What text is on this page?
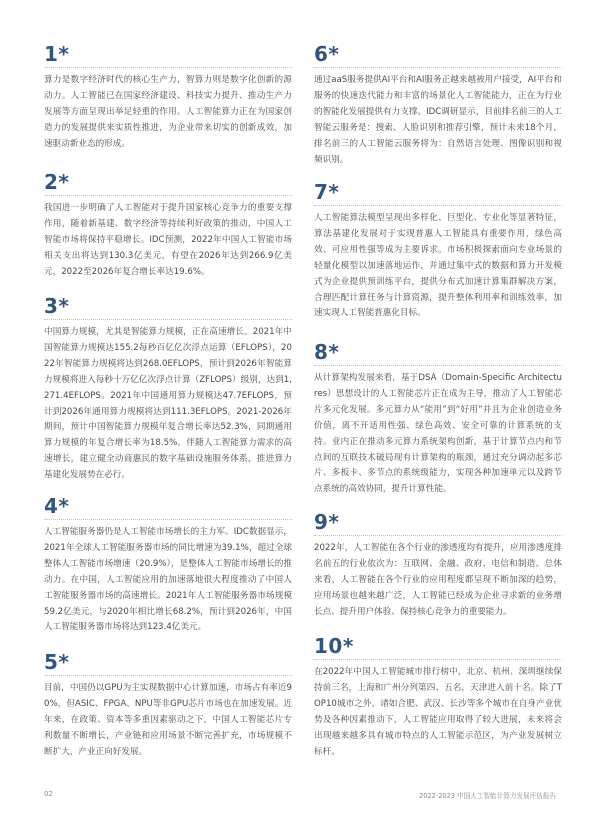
1*
算力是数字经济时代的核心生产力，智算力则是数字化创新的源动力。人工智能已在国家经济建设、科技实力提升、推动生产力发展等方面呈现出举足轻重的作用。人工智能算力正在为国家创造力的发展提供来实质性推进，为企业带来切实的创新成效，加速驱动新业态的形成。
2*
我国进一步明确了人工智能对于提升国家核心竞争力的重要支撑作用，随着新基建、数字经济等持续利好政策的推动，中国人工智能市场将保持平稳增长。IDC预测，2022年中国人工智能市场相关支出将达到130.3亿美元，有望在2026年达到266.9亿美元，2022至2026年复合增长率达19.6%。
3*
中国算力规模，尤其是智能算力规模，正在高速增长。2021年中国智能算力规模达155.2每秒百亿亿次浮点运算（EFLOPS），2022年智能算力规模将达到268.0EFLOPS，预计到2026年智能算力规模将进入每秒十万亿亿次浮点计算（ZFLOPS）级别，达到1,271.4EFLOPS。2021年中国通用算力规模达47.7EFLOPS，预计到2026年通用算力规模将达到111.3EFLOPS。2021-2026年期间，预计中国智能算力规模年复合增长率达52.3%，同期通用算力规模的年复合增长率为18.5%。伴随人工智能算力需求的高速增长，建立健全动商惠民的数字基础设施服务体系，推进算力基建化发展势在必行。
4*
人工智能服务器仍是人工智能市场增长的主力军。IDC数据显示，2021年全球人工智能服务器市场的同比增速为39.1%，超过全球整体人工智能市场增速（20.9%），是整体人工智能市场增长的推动力。在中国，人工智能应用的加速落地很大程度推动了中国人工智能服务器市场的高速增长。2021年人工智能服务器市场规模59.2亿美元，与2020年相比增长68.2%，预计到2026年，中国人工智能服务器市场将达到123.4亿美元。
5*
目前，中国仍以GPU为主实现数据中心计算加速，市场占有率近90%，但ASIC、FPGA、NPU等非GPU芯片市场也在加速发展。近年来，在政策、资本等多重因素驱动之下，中国人工智能芯片专利数量不断增长，产业链和应用场景不断完善扩充，市场规模不断扩大，产业正向好发展。
6*
通过aaS服务提供AI平台和AI服务正越来越被用户接受，AI平台和服务的快速迭代能力和丰富的场景化人工智能能力，正在为行业的智能化发展提供有力支撑。IDC调研显示，目前排名前三的人工智能云服务是：搜索、人脸识别和推荐引擎，预计未来18个月，排名前三的人工智能云服务将为：自然语言处理、图像识别和视频识别。
7*
人工智能算法模型呈现出多样化、巨型化、专业化等显著特征，算法基建化发展对于实现普惠人工智能具有重要作用，绿色高效、可应用性强等成为主要诉求。市场积极探索面向专业场景的轻量化模型以加速落地运作，并通过集中式的数据和算力开发模式为企业提供预训练平台，提供分布式加速计算集群解决方案，合理匹配计算任务与计算资源，提升整体利用率和训练效率，加速实现人工智能普惠化目标。
8*
从计算架构发展来看，基于DSA（Domain-Specific Architectures）思想设计的人工智能芯片正在成为主导，推动了人工智能芯片多元化发展。多元算力从“能用”到“好用”并且为企业创造业务价值，离不开适用性强、绿色高效、安全可靠的计算系统的支持。业内正在推动多元算力系统架构创新，基于计算节点内和节点间的互联技术破局现有计算架构的瓶颈，通过充分调动起多芯片、多板卡、多节点的系统级能力，实现各种加速单元以及跨节点系统的高效协同，提升计算性能。
9*
2022年，人工智能在各个行业的渗透度均有提升，应用渗透度排名前五的行业依次为：互联网、金融、政府、电信和制造。总体来看，人工智能在各个行业的应用程度都呈现不断加深的趋势，应用场景也越来越广泛，人工智能已经成为企业寻求新的业务增长点、提升用户体验、保持核心竞争力的重要能力。
10*
在2022年中国人工智能城市排行榜中，北京、杭州、深圳继续保持前三名，上海和广州分列第四、五名，天津进入前十名。除了TOP10城市之外，诸如合肥、武汉、长沙等多个城市在自身产业优势及各种因素推动下，人工智能应用取得了较大进展，未来将会出现越来越多具有城市特点的人工智能示范区，为产业发展树立标杆。
02	2022-2023 中国人工智能计算力发展评估报告
